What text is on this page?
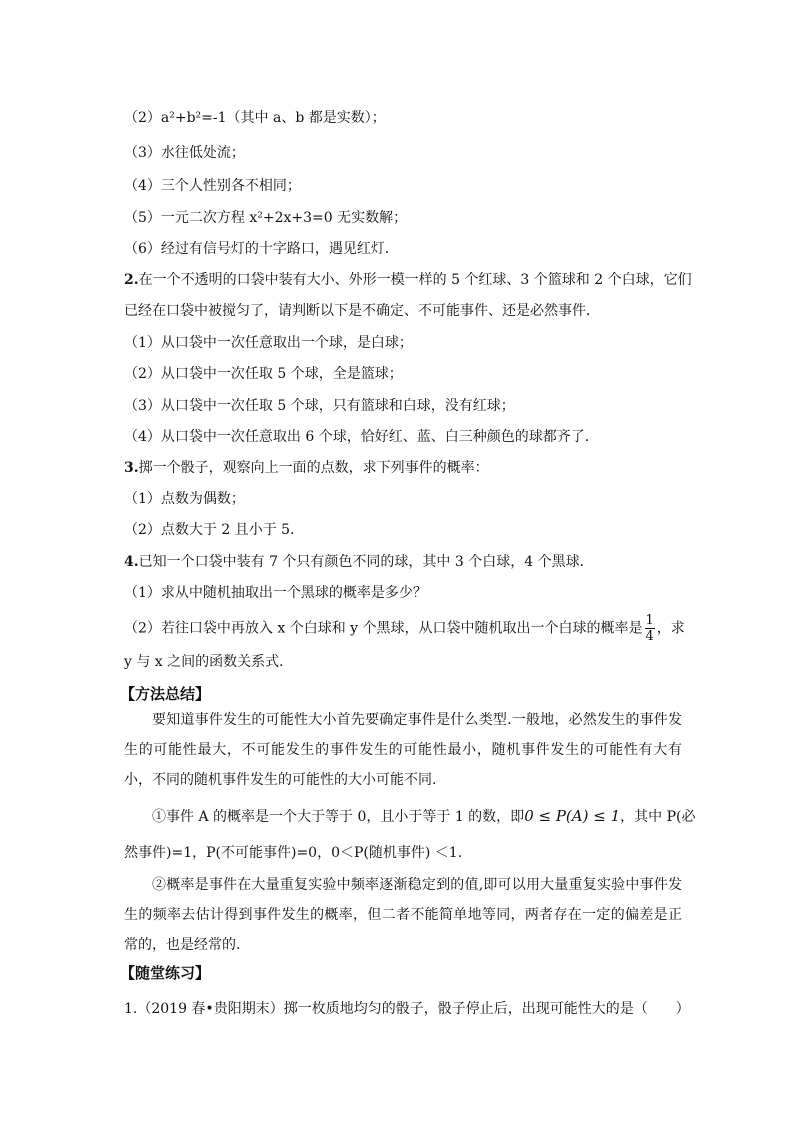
（2）a²+b²=-1（其中 a、b 都是实数）；
（3）水往低处流；
（4）三个人性别各不相同；
（5）一元二次方程 x²+2x+3=0 无实数解；
（6）经过有信号灯的十字路口，遇见红灯．
2.在一个不透明的口袋中装有大小、外形一模一样的 5 个红球、3 个篮球和 2 个白球，它们
已经在口袋中被搅匀了，请判断以下是不确定、不可能事件、还是必然事件．
（1）从口袋中一次任意取出一个球，是白球；
（2）从口袋中一次任取 5 个球，全是篮球；
（3）从口袋中一次任取 5 个球，只有篮球和白球，没有红球；
（4）从口袋中一次任意取出 6 个球，恰好红、蓝、白三种颜色的球都齐了．
3.掷一个骰子，观察向上一面的点数，求下列事件的概率：
（1）点数为偶数；
（2）点数大于 2 且小于 5．
4.已知一个口袋中装有 7 个只有颜色不同的球，其中 3 个白球，4 个黑球．
（1）求从中随机抽取出一个黑球的概率是多少？
（2）若往口袋中再放入 x 个白球和 y 个黑球，从口袋中随机取出一个白球的概率是 $\frac{1}{4}$ ，求
y 与 x 之间的函数关系式．
【方法总结】
要知道事件发生的可能性大小首先要确定事件是什么类型.一般地，必然发生的事件发生的可能性最大，不可能发生的事件发生的可能性最小，随机事件发生的可能性有大有小，不同的随机事件发生的可能性的大小可能不同.
①事件 A 的概率是一个大于等于 0，且小于等于 1 的数，即0 ≤ P(A) ≤ 1，其中 P(必
然事件)=1，P(不可能事件)=0，0＜P(随机事件) ＜1.
②概率是事件在大量重复实验中频率逐渐稳定到的值,即可以用大量重复实验中事件发生的频率去估计得到事件发生的概率，但二者不能简单地等同，两者存在一定的偏差是正常的，也是经常的.
【随堂练习】
1.（2019 春•贵阳期末）掷一枚质地均匀的骰子，骰子停止后，出现可能性大的是（　　）
